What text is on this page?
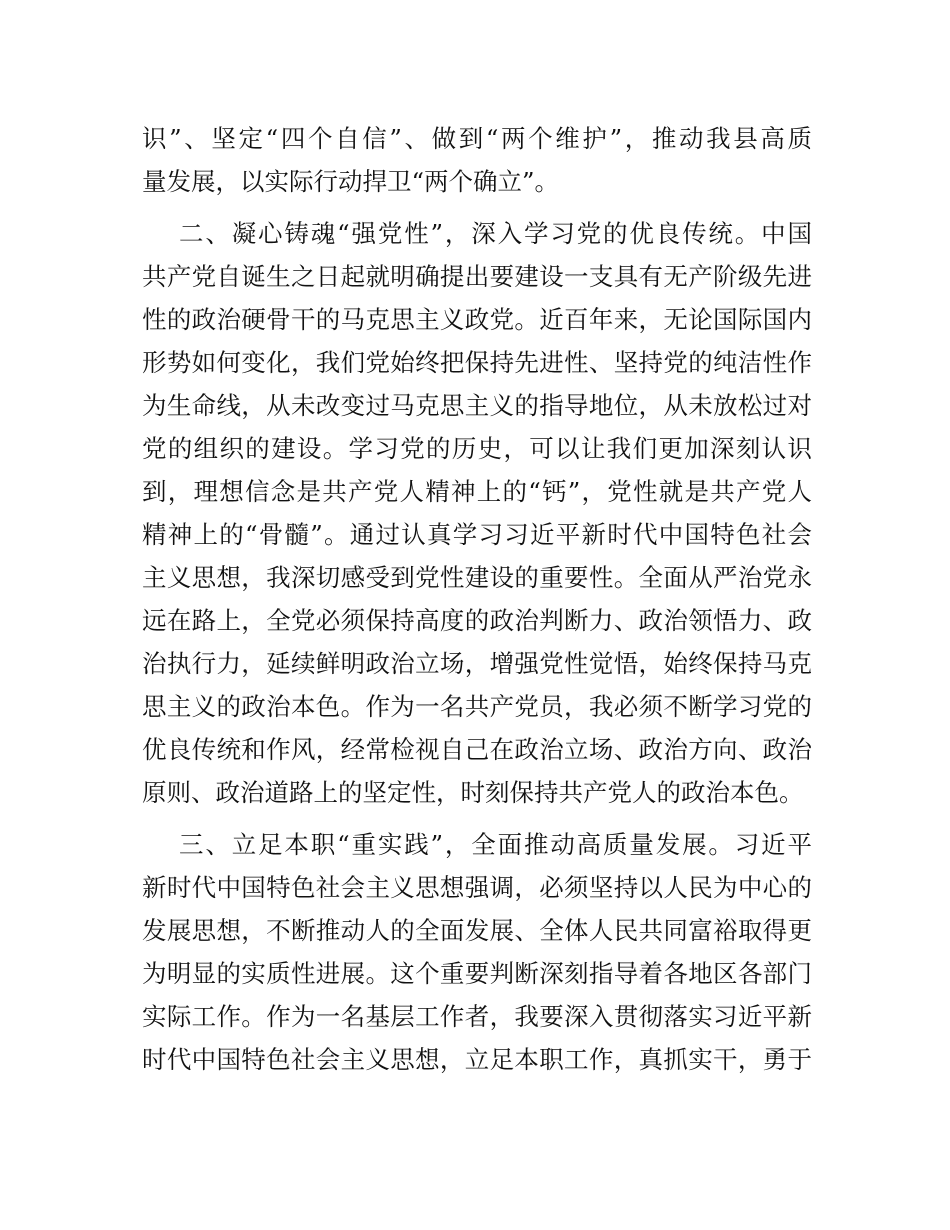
识”、坚定“四个自信”、做到“两个维护”，推动我县高质
量发展，以实际行动捍卫“两个确立”。
二、凝心铸魂“强党性”，深入学习党的优良传统。中国
共产党自诞生之日起就明确提出要建设一支具有无产阶级先进
性的政治硬骨干的马克思主义政党。近百年来，无论国际国内
形势如何变化，我们党始终把保持先进性、坚持党的纯洁性作
为生命线，从未改变过马克思主义的指导地位，从未放松过对
党的组织的建设。学习党的历史，可以让我们更加深刻认识
到，理想信念是共产党人精神上的“钙”，党性就是共产党人
精神上的“骨髓”。通过认真学习习近平新时代中国特色社会
主义思想，我深切感受到党性建设的重要性。全面从严治党永
远在路上，全党必须保持高度的政治判断力、政治领悟力、政
治执行力，延续鲜明政治立场，增强党性觉悟，始终保持马克
思主义的政治本色。作为一名共产党员，我必须不断学习党的
优良传统和作风，经常检视自己在政治立场、政治方向、政治
原则、政治道路上的坚定性，时刻保持共产党人的政治本色。
三、立足本职“重实践”，全面推动高质量发展。习近平
新时代中国特色社会主义思想强调，必须坚持以人民为中心的
发展思想，不断推动人的全面发展、全体人民共同富裕取得更
为明显的实质性进展。这个重要判断深刻指导着各地区各部门
实际工作。作为一名基层工作者，我要深入贯彻落实习近平新
时代中国特色社会主义思想，立足本职工作，真抓实干，勇于
